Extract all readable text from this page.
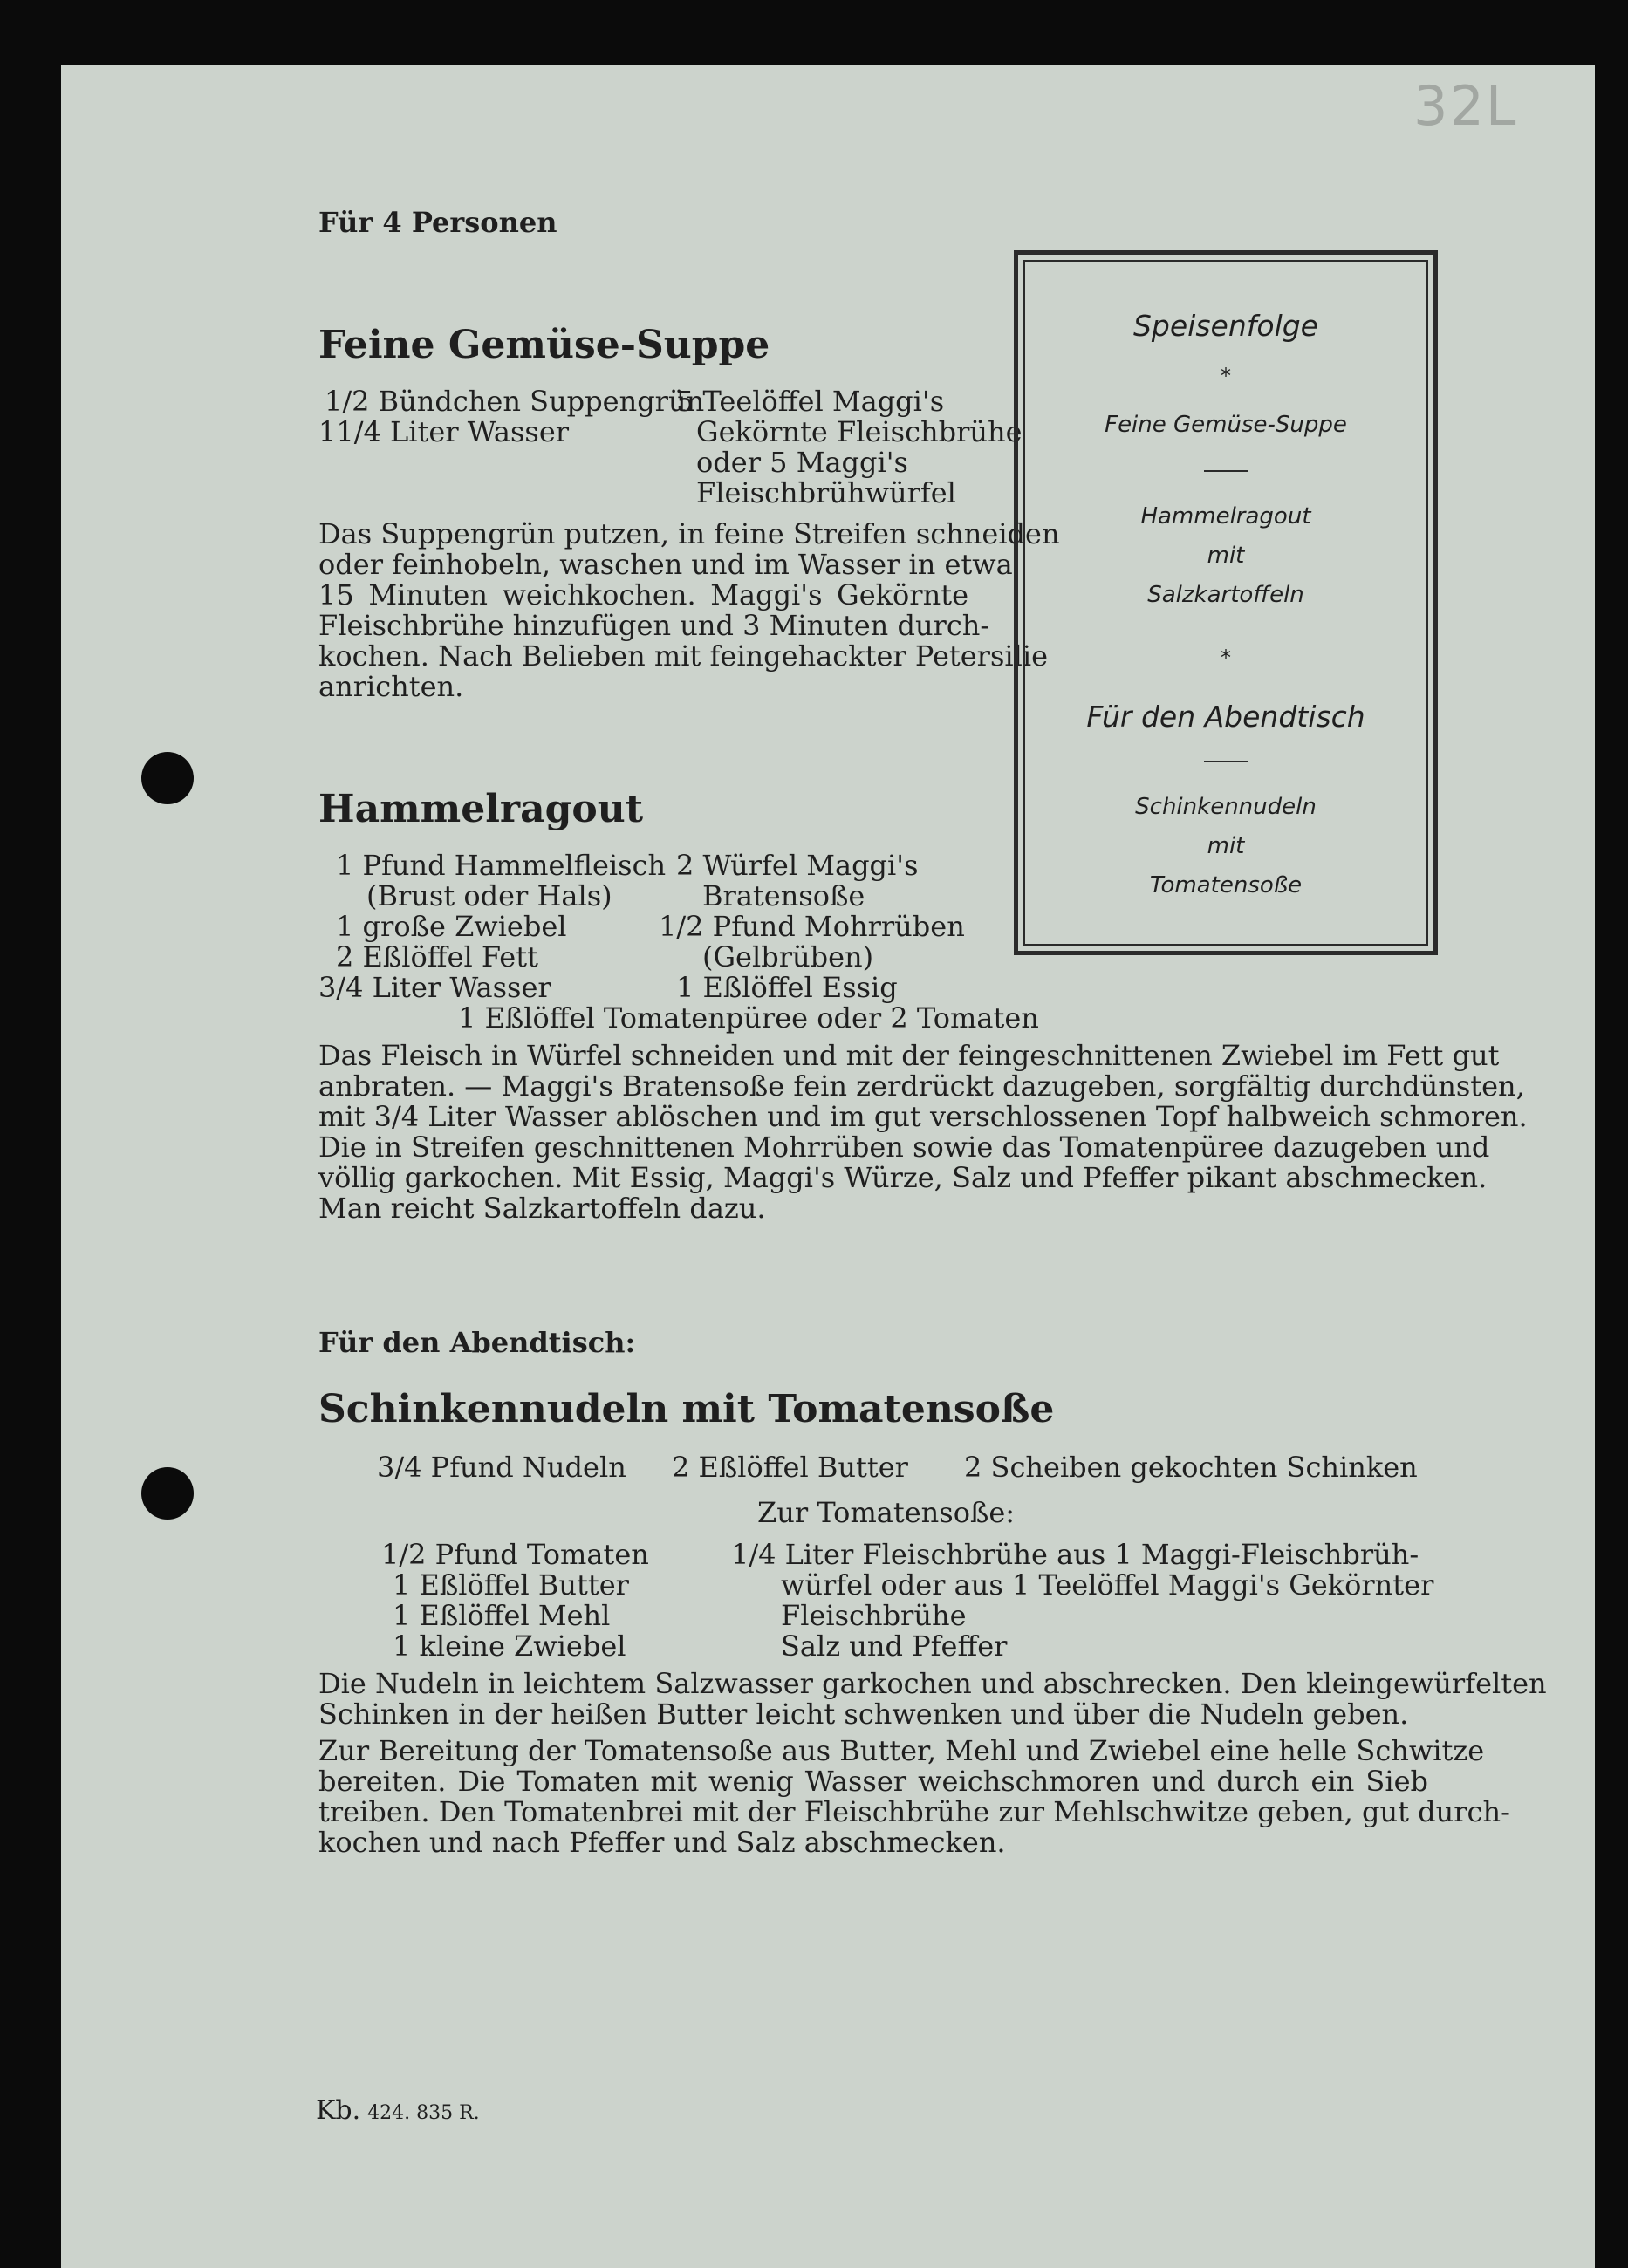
32L
Für 4 Personen
Feine Gemüse-Suppe
1/2 Bündchen Suppengrün
11/4 Liter Wasser
5 Teelöffel Maggi's
Gekörnte Fleischbrühe
oder 5 Maggi's
Fleischbrühwürfel
Das Suppengrün putzen, in feine Streifen schneiden
oder feinhobeln, waschen und im Wasser in etwa
15 Minuten weichkochen. Maggi's Gekörnte
Fleischbrühe hinzufügen und 3 Minuten durch-
kochen. Nach Belieben mit feingehackter Petersilie
anrichten.
Speisenfolge
*
Feine Gemüse-Suppe
Hammelragout
mit
Salzkartoffeln
*
Für den Abendtisch
Schinkennudeln
mit
Tomatensoße
Hammelragout
1 Pfund Hammelfleisch
(Brust oder Hals)
1 große Zwiebel
2 Eßlöffel Fett
3/4 Liter Wasser
2 Würfel Maggi's
Bratensoße
1/2 Pfund Mohrrüben
(Gelbrüben)
1 Eßlöffel Essig
1 Eßlöffel Tomatenpüree oder 2 Tomaten
Das Fleisch in Würfel schneiden und mit der feingeschnittenen Zwiebel im Fett gut
anbraten. — Maggi's Bratensoße fein zerdrückt dazugeben, sorgfältig durchdünsten,
mit 3/4 Liter Wasser ablöschen und im gut verschlossenen Topf halbweich schmoren.
Die in Streifen geschnittenen Mohrrüben sowie das Tomatenpüree dazugeben und
völlig garkochen. Mit Essig, Maggi's Würze, Salz und Pfeffer pikant abschmecken.
Man reicht Salzkartoffeln dazu.
Für den Abendtisch:
Schinkennudeln mit Tomatensoße
3/4 Pfund Nudeln 2 Eßlöffel Butter 2 Scheiben gekochten Schinken
Zur Tomatensoße:
1/2 Pfund Tomaten
1 Eßlöffel Butter
1 Eßlöffel Mehl
1 kleine Zwiebel
1/4 Liter Fleischbrühe aus 1 Maggi-Fleischbrüh-
würfel oder aus 1 Teelöffel Maggi's Gekörnter
Fleischbrühe
Salz und Pfeffer
Die Nudeln in leichtem Salzwasser garkochen und abschrecken. Den kleingewürfelten
Schinken in der heißen Butter leicht schwenken und über die Nudeln geben.
Zur Bereitung der Tomatensoße aus Butter, Mehl und Zwiebel eine helle Schwitze
bereiten. Die Tomaten mit wenig Wasser weichschmoren und durch ein Sieb
treiben. Den Tomatenbrei mit der Fleischbrühe zur Mehlschwitze geben, gut durch-
kochen und nach Pfeffer und Salz abschmecken.
Kb. 424. 835 R.
